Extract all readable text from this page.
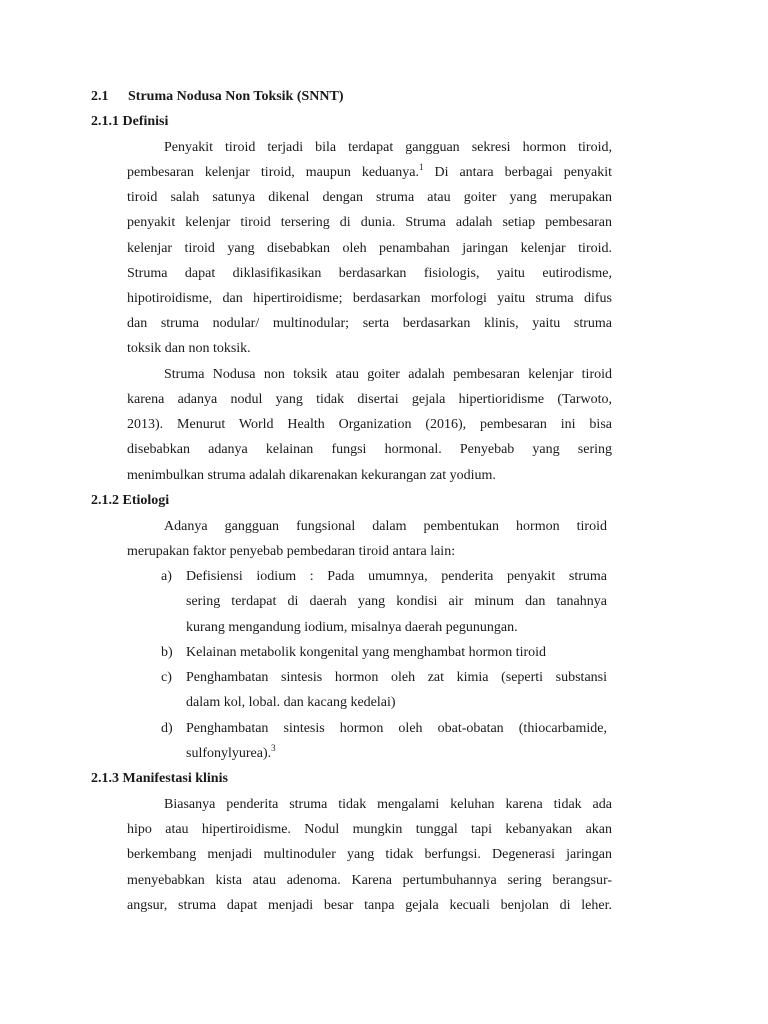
2.1 Struma Nodusa Non Toksik (SNNT)
2.1.1 Definisi
Penyakit tiroid terjadi bila terdapat gangguan sekresi hormon tiroid,
pembesaran kelenjar tiroid, maupun keduanya.$^1$ Di antara berbagai penyakit
tiroid salah satunya dikenal dengan struma atau goiter yang merupakan
penyakit kelenjar tiroid tersering di dunia. Struma adalah setiap pembesaran
kelenjar tiroid yang disebabkan oleh penambahan jaringan kelenjar tiroid.
Struma dapat diklasifikasikan berdasarkan fisiologis, yaitu eutirodisme,
hipotiroidisme, dan hipertiroidisme; berdasarkan morfologi yaitu struma difus
dan struma nodular/ multinodular; serta berdasarkan klinis, yaitu struma
toksik dan non toksik.
Struma Nodusa non toksik atau goiter adalah pembesaran kelenjar tiroid
karena adanya nodul yang tidak disertai gejala hipertioridisme (Tarwoto,
2013). Menurut World Health Organization (2016), pembesaran ini bisa
disebabkan adanya kelainan fungsi hormonal. Penyebab yang sering
menimbulkan struma adalah dikarenakan kekurangan zat yodium.
2.1.2 Etiologi
Adanya gangguan fungsional dalam pembentukan hormon tiroid
merupakan faktor penyebab pembedaran tiroid antara lain:
a) Defisiensi iodium : Pada umumnya, penderita penyakit struma
sering terdapat di daerah yang kondisi air minum dan tanahnya
kurang mengandung iodium, misalnya daerah pegunungan.
b) Kelainan metabolik kongenital yang menghambat hormon tiroid
c) Penghambatan sintesis hormon oleh zat kimia (seperti substansi
dalam kol, lobal. dan kacang kedelai)
d) Penghambatan sintesis hormon oleh obat-obatan (thiocarbamide,
sulfonylyurea).$^3$
2.1.3 Manifestasi klinis
Biasanya penderita struma tidak mengalami keluhan karena tidak ada
hipo atau hipertiroidisme. Nodul mungkin tunggal tapi kebanyakan akan
berkembang menjadi multinoduler yang tidak berfungsi. Degenerasi jaringan
menyebabkan kista atau adenoma. Karena pertumbuhannya sering berangsur-
angsur, struma dapat menjadi besar tanpa gejala kecuali benjolan di leher.
